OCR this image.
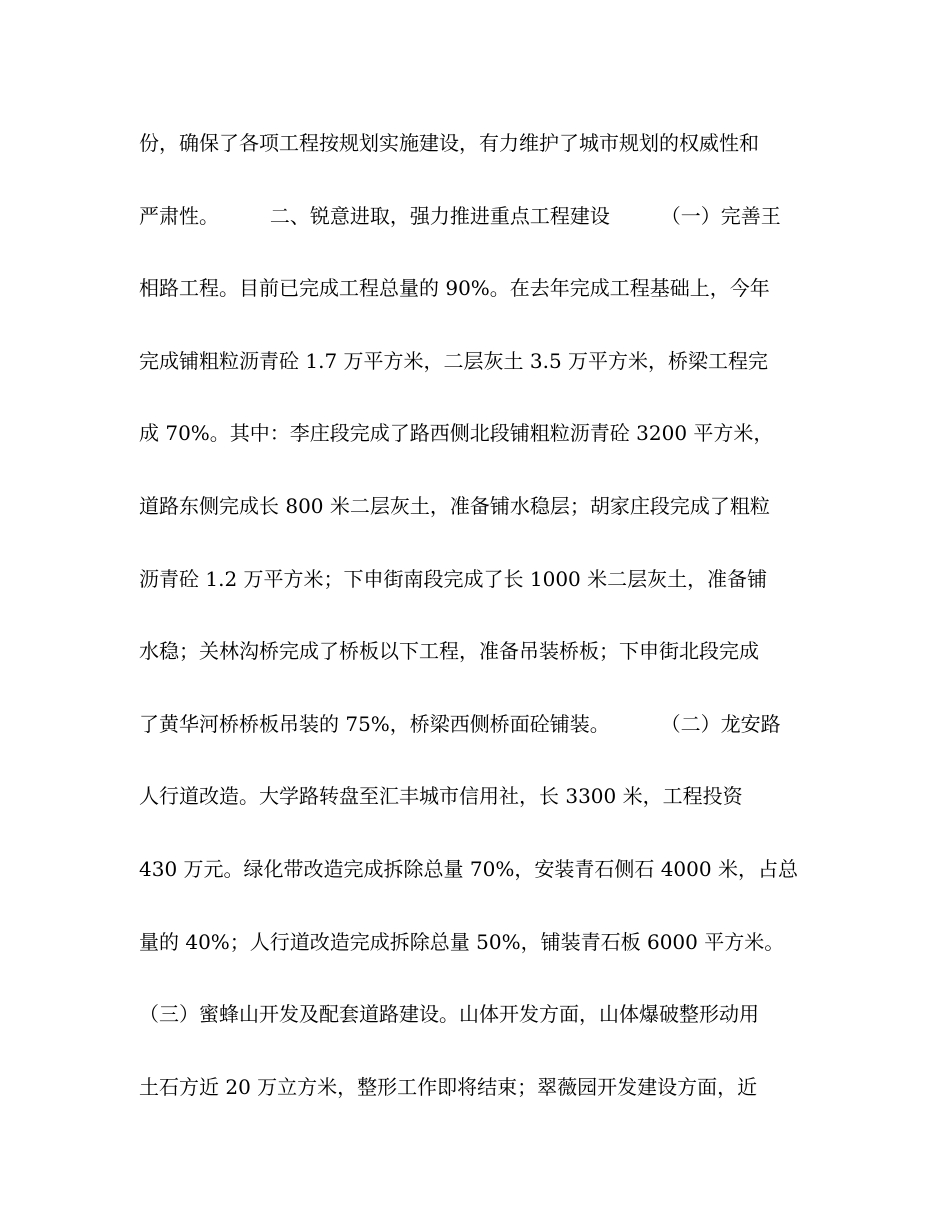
份，确保了各项工程按规划实施建设，有力维护了城市规划的权威性和
严肃性。        二、锐意进取，强力推进重点工程建设        （一）完善王
相路工程。目前已完成工程总量的 90%。在去年完成工程基础上，今年
完成铺粗粒沥青砼 1.7 万平方米，二层灰土 3.5 万平方米，桥梁工程完
成 70%。其中：李庄段完成了路西侧北段铺粗粒沥青砼 3200 平方米，
道路东侧完成长 800 米二层灰土，准备铺水稳层；胡家庄段完成了粗粒
沥青砼 1.2 万平方米；下申街南段完成了长 1000 米二层灰土，准备铺
水稳；关林沟桥完成了桥板以下工程，准备吊装桥板；下申街北段完成
了黄华河桥桥板吊装的 75%，桥梁西侧桥面砼铺装。        （二）龙安路
人行道改造。大学路转盘至汇丰城市信用社，长 3300 米，工程投资
430 万元。绿化带改造完成拆除总量 70%，安装青石侧石 4000 米，占总
量的 40%；人行道改造完成拆除总量 50%，铺装青石板 6000 平方米。
（三）蜜蜂山开发及配套道路建设。山体开发方面，山体爆破整形动用
土石方近 20 万立方米，整形工作即将结束；翠薇园开发建设方面，近
